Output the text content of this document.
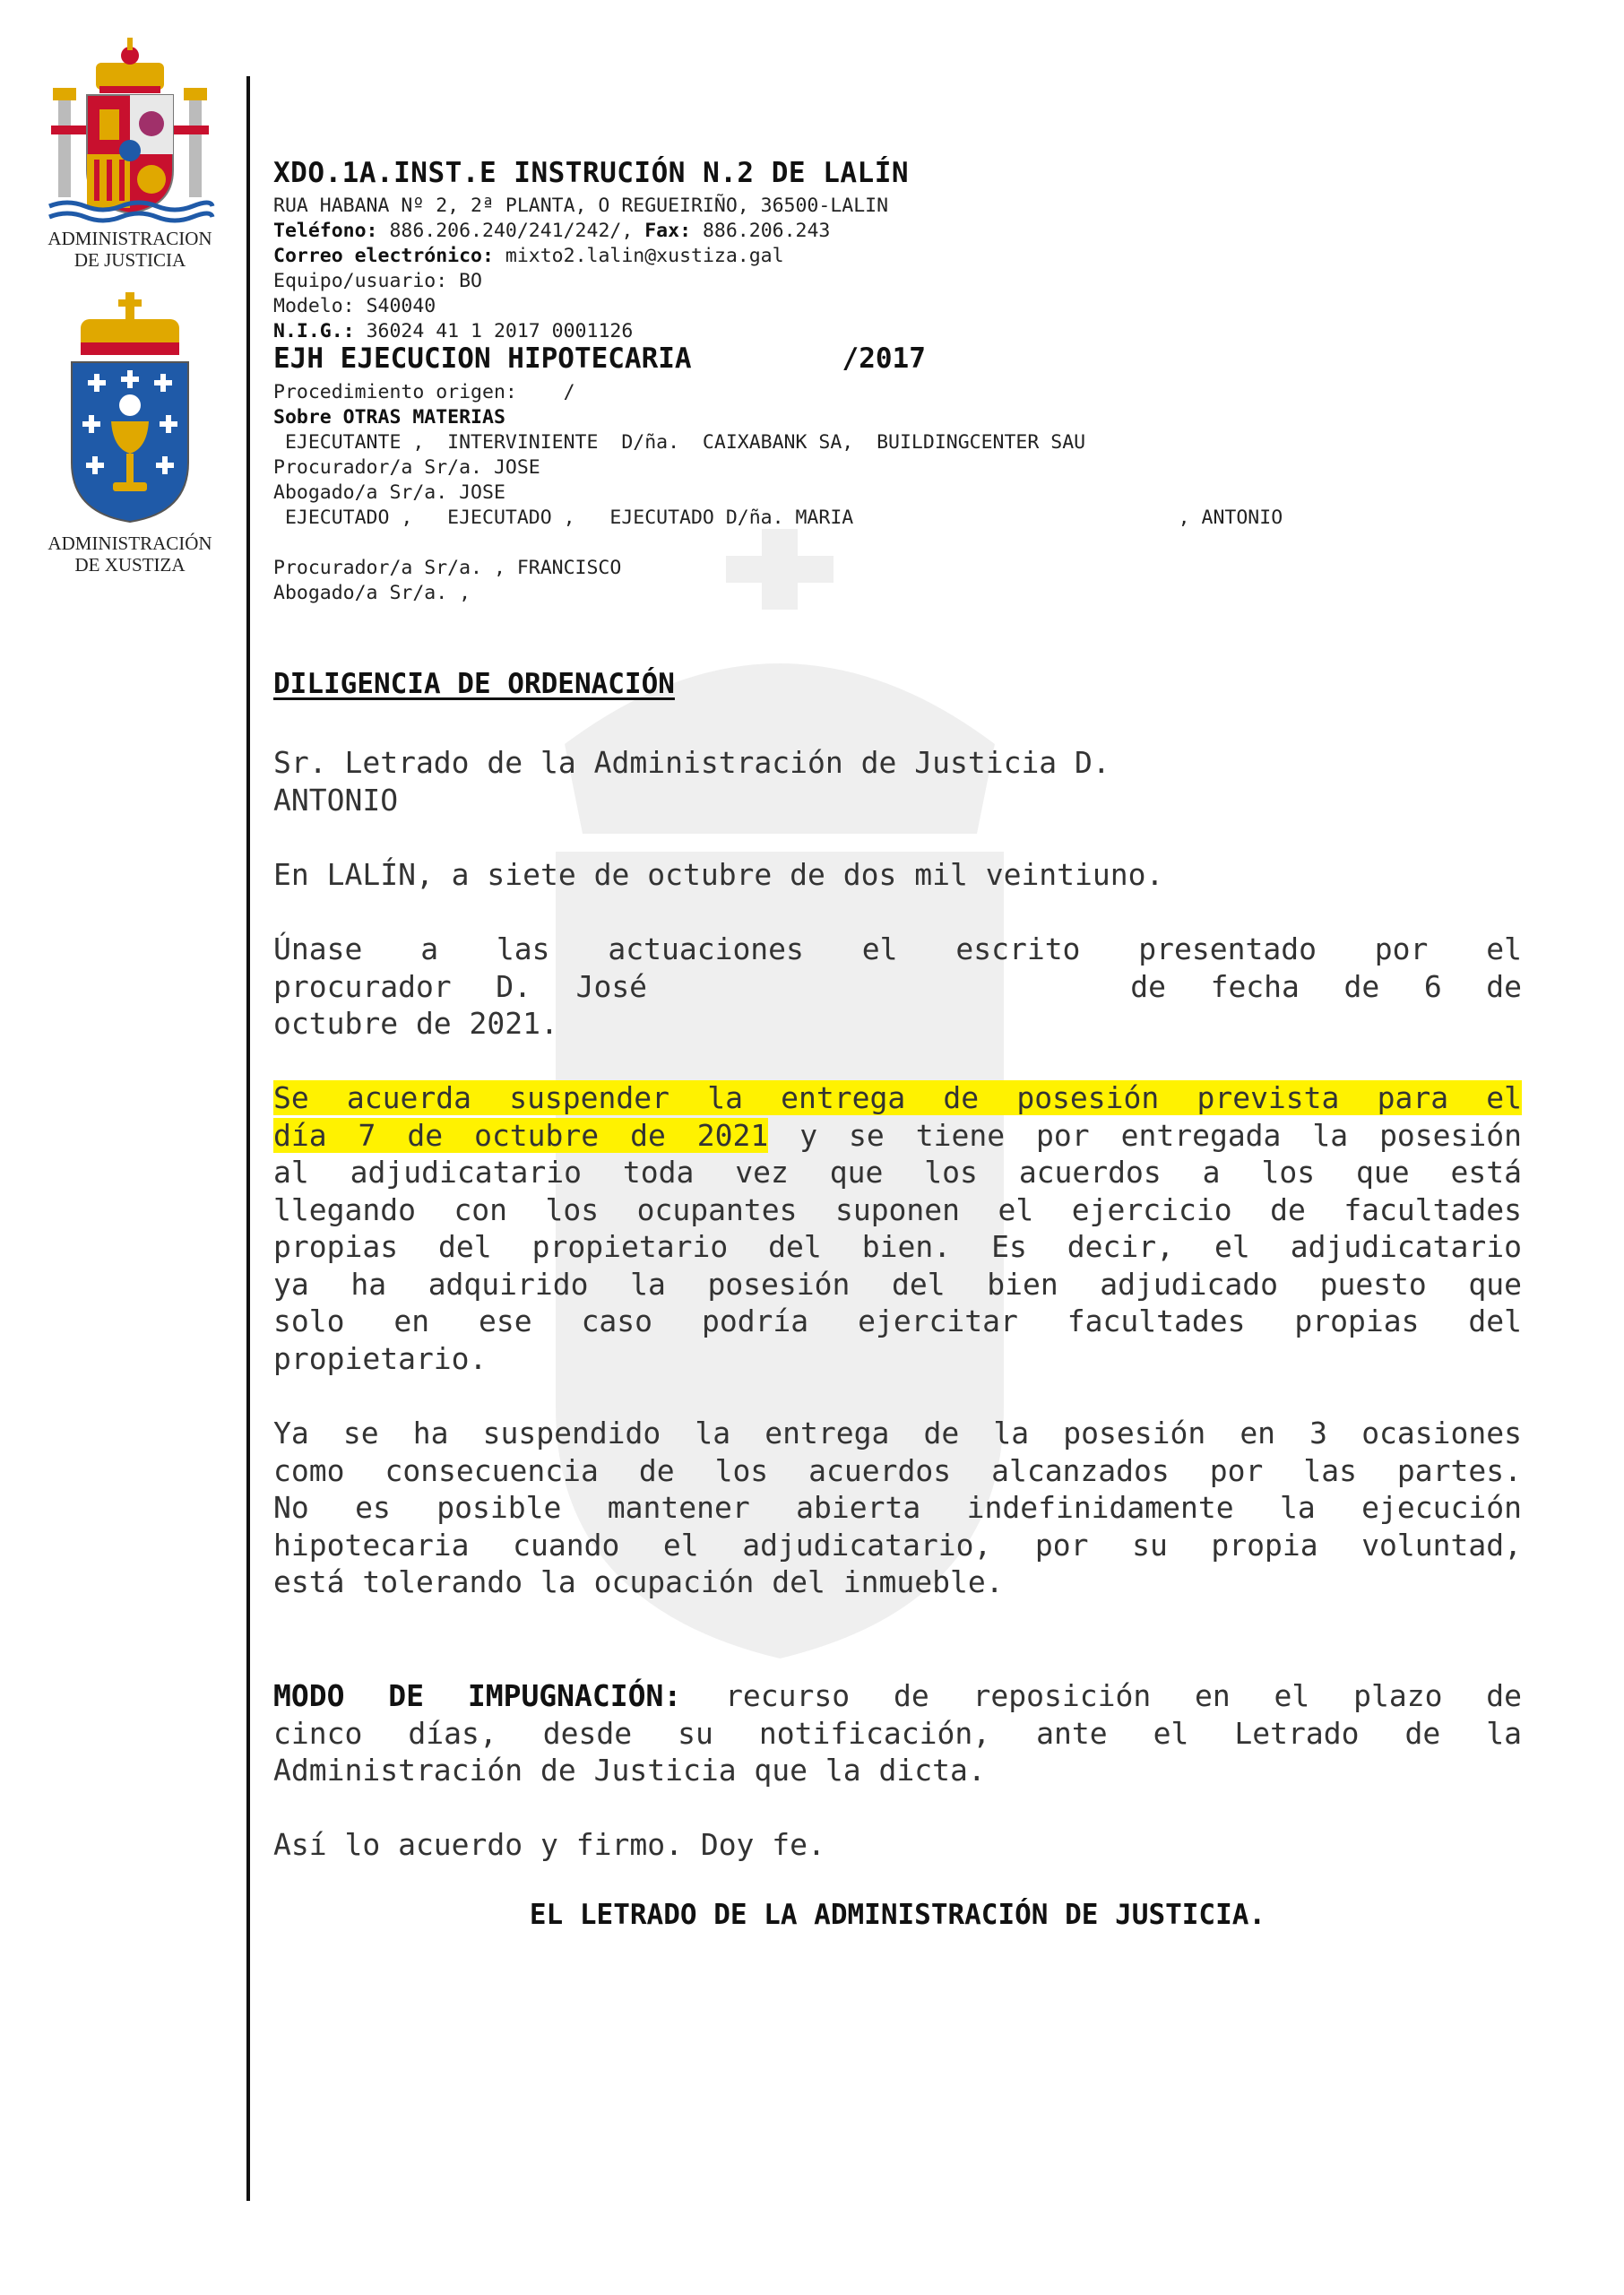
ADMINISTRACION
DE JUSTICIA
ADMINISTRACIÓN
DE XUSTIZA
XDO.1A.INST.E INSTRUCIÓN N.2 DE LALÍN
RUA HABANA Nº 2, 2ª PLANTA, O REGUEIRIÑO, 36500-LALIN
Teléfono: 886.206.240/241/242/, Fax: 886.206.243
Correo electrónico: mixto2.lalin@xustiza.gal
Equipo/usuario: BO
Modelo: S40040
N.I.G.: 36024 41 1 2017 0001126
EJH EJECUCION HIPOTECARIA         /2017
Procedimiento origen:    /
Sobre OTRAS MATERIAS
EJECUTANTE ,  INTERVINIENTE  D/ña.  CAIXABANK SA,  BUILDINGCENTER SAU
Procurador/a Sr/a. JOSE
Abogado/a Sr/a. JOSE
EJECUTADO ,   EJECUTADO ,   EJECUTADO D/ña. MARIA                            , ANTONIO
Procurador/a Sr/a. , FRANCISCO
Abogado/a Sr/a. ,
DILIGENCIA DE ORDENACIÓN
Sr. Letrado de la Administración de Justicia D.
ANTONIO
En LALÍN, a siete de octubre de dos mil veintiuno.
Únase a las actuaciones el escrito presentado por el
procurador D. José	de fecha de 6 de
octubre de 2021.
Se acuerda suspender la entrega de posesión prevista para el
día 7 de octubre de 2021 y se tiene por entregada la posesión
al adjudicatario toda vez que los acuerdos a los que está
llegando con los ocupantes suponen el ejercicio de facultades
propias del propietario del bien. Es decir, el adjudicatario
ya ha adquirido la posesión del bien adjudicado puesto que
solo en ese caso podría ejercitar facultades propias del
propietario.
Ya se ha suspendido la entrega de la posesión en 3 ocasiones
como consecuencia de los acuerdos alcanzados por las partes.
No es posible mantener abierta indefinidamente la ejecución
hipotecaria cuando el adjudicatario, por su propia voluntad,
está tolerando la ocupación del inmueble.
MODO DE IMPUGNACIÓN: recurso de reposición en el plazo de
cinco días, desde su notificación, ante el Letrado de la
Administración de Justicia que la dicta.
Así lo acuerdo y firmo. Doy fe.
EL LETRADO DE LA ADMINISTRACIÓN DE JUSTICIA.
